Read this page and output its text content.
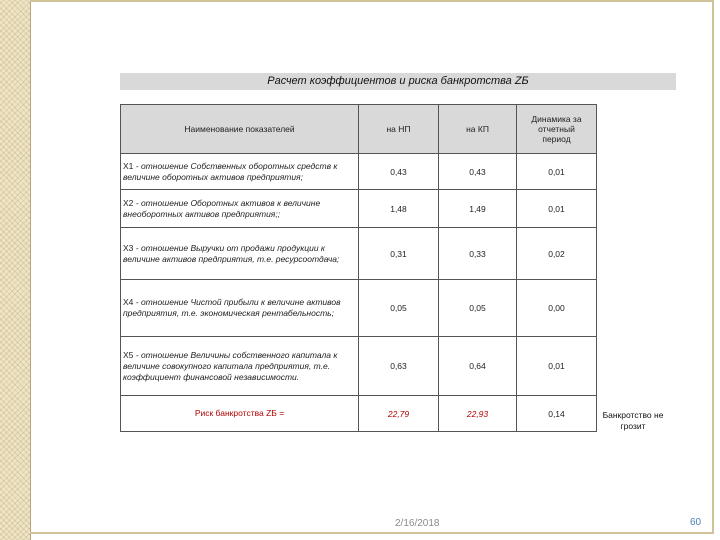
Расчет коэффициентов и риска банкротства ZБ
Наименование показателей	на НП	на КП	Динамика за отчетный период
X1 - отношение Собственных оборотных средств к величине оборотных активов предприятия;	0,43	0,43	0,01
X2 - отношение Оборотных активов к величине внеоборотных активов предприятия;;	1,48	1,49	0,01
X3 - отношение Выручки от продажи продукции к величине активов предприятия, т.е. ресурсоотдача;	0,31	0,33	0,02
X4 - отношение Чистой прибыли к величине активов предприятия, т.е. экономическая рентабельность;	0,05	0,05	0,00
X5 - отношение Величины собственного капитала к величине совокупного капитала предприятия, т.е. коэффициент финансовой независимости.	0,63	0,64	0,01
Риск банкротства ZБ =	22,79	22,93	0,14	Банкротство не грозит
2/16/2018	60
